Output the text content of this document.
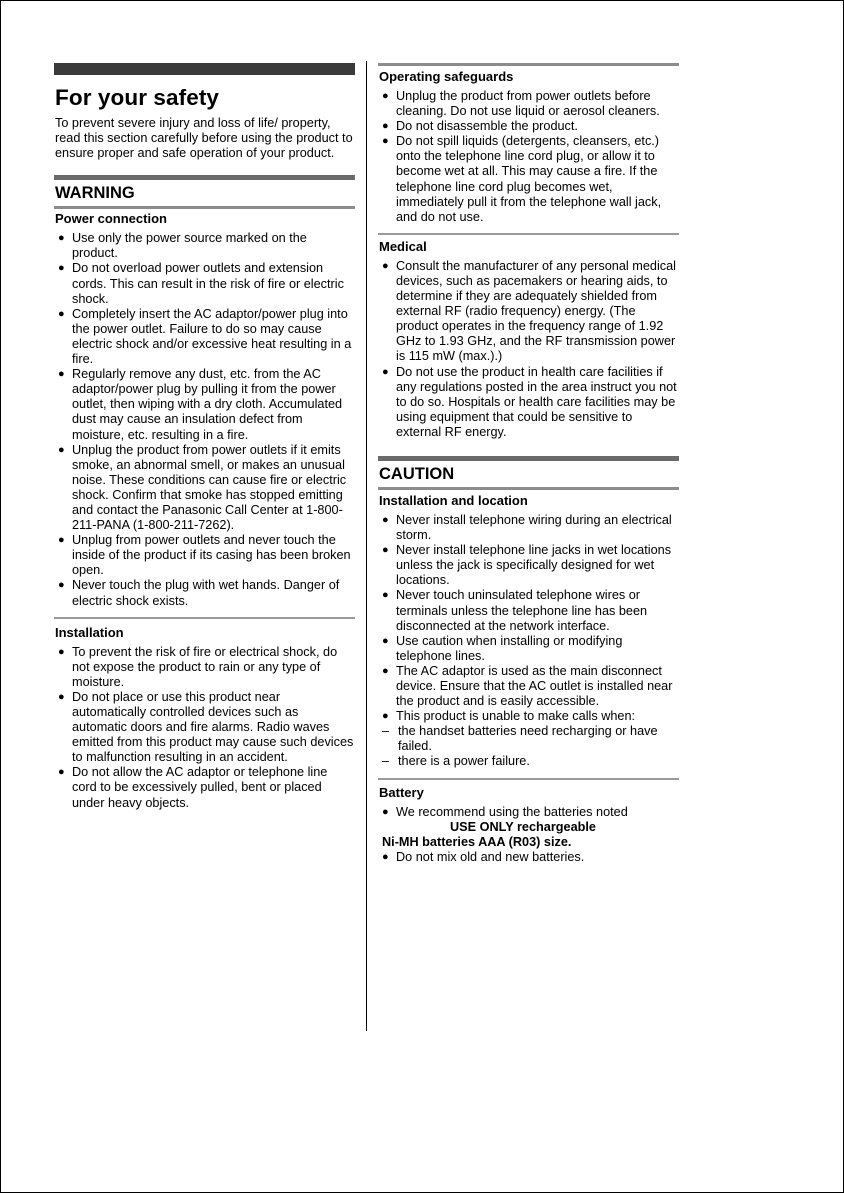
For your safety
To prevent severe injury and loss of life/ property, read this section carefully before using the product to ensure proper and safe operation of your product.
WARNING
Power connection
● Use only the power source marked on the product.
● Do not overload power outlets and extension cords. This can result in the risk of fire or electric shock.
● Completely insert the AC adaptor/power plug into the power outlet. Failure to do so may cause electric shock and/or excessive heat resulting in a fire.
● Regularly remove any dust, etc. from the AC adaptor/power plug by pulling it from the power outlet, then wiping with a dry cloth. Accumulated dust may cause an insulation defect from moisture, etc. resulting in a fire.
● Unplug the product from power outlets if it emits smoke, an abnormal smell, or makes an unusual noise. These conditions can cause fire or electric shock. Confirm that smoke has stopped emitting and contact the Panasonic Call Center at 1-800-211-PANA (1-800-211-7262).
● Unplug from power outlets and never touch the inside of the product if its casing has been broken open.
● Never touch the plug with wet hands. Danger of electric shock exists.
Installation
● To prevent the risk of fire or electrical shock, do not expose the product to rain or any type of moisture.
● Do not place or use this product near automatically controlled devices such as automatic doors and fire alarms. Radio waves emitted from this product may cause such devices to malfunction resulting in an accident.
● Do not allow the AC adaptor or telephone line cord to be excessively pulled, bent or placed under heavy objects.
Operating safeguards
● Unplug the product from power outlets before cleaning. Do not use liquid or aerosol cleaners.
● Do not disassemble the product.
● Do not spill liquids (detergents, cleansers, etc.) onto the telephone line cord plug, or allow it to become wet at all. This may cause a fire. If the telephone line cord plug becomes wet, immediately pull it from the telephone wall jack, and do not use.
Medical
● Consult the manufacturer of any personal medical devices, such as pacemakers or hearing aids, to determine if they are adequately shielded from external RF (radio frequency) energy. (The product operates in the frequency range of 1.92 GHz to 1.93 GHz, and the RF transmission power is 115 mW (max.).)
● Do not use the product in health care facilities if any regulations posted in the area instruct you not to do so. Hospitals or health care facilities may be using equipment that could be sensitive to external RF energy.
CAUTION
Installation and location
● Never install telephone wiring during an electrical storm.
● Never install telephone line jacks in wet locations unless the jack is specifically designed for wet locations.
● Never touch uninsulated telephone wires or terminals unless the telephone line has been disconnected at the network interface.
● Use caution when installing or modifying telephone lines.
● The AC adaptor is used as the main disconnect device. Ensure that the AC outlet is installed near the product and is easily accessible.
● This product is unable to make calls when:
– the handset batteries need recharging or have failed.
– there is a power failure.
Battery
● We recommend using the batteries noted
USE ONLY rechargeable
Ni-MH batteries AAA (R03) size.
● Do not mix old and new batteries.
